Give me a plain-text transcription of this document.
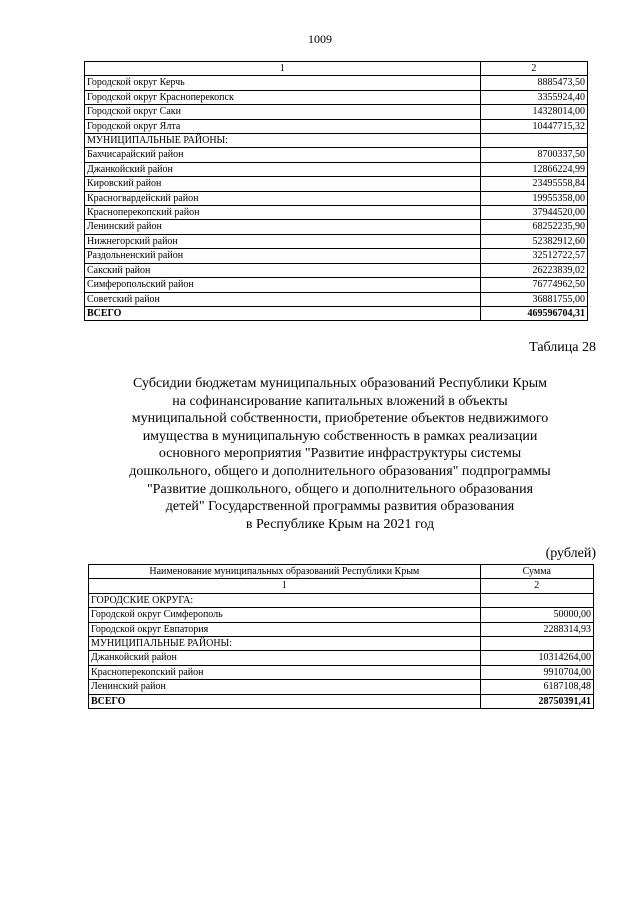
1009
1	2
Городской округ Керчь	8885473,50
Городской округ Красноперекопск	3355924,40
Городской округ Саки	14328014,00
Городской округ Ялта	10447715,32
МУНИЦИПАЛЬНЫЕ РАЙОНЫ:	
Бахчисарайский район	8700337,50
Джанкойский район	12866224,99
Кировский район	23495558,84
Красногвардейский район	19955358,00
Красноперекопский район	37944520,00
Ленинский район	68252235,90
Нижнегорский район	52382912,60
Раздольненский район	32512722,57
Сакский район	26223839,02
Симферопольский район	76774962,50
Советский район	36881755,00
ВСЕГО	469596704,31
Таблица 28
Субсидии бюджетам муниципальных образований Республики Крым
на софинансирование капитальных вложений в объекты
муниципальной собственности, приобретение объектов недвижимого
имущества в муниципальную собственность в рамках реализации
основного мероприятия "Развитие инфраструктуры системы
дошкольного, общего и дополнительного образования" подпрограммы
"Развитие дошкольного, общего и дополнительного образования
детей" Государственной программы развития образования
в Республике Крым на 2021 год
(рублей)
Наименование муниципальных образований Республики Крым	Сумма
1	2
ГОРОДСКИЕ ОКРУГА:	
Городской округ Симферополь	50000,00
Городской округ Евпатория	2288314,93
МУНИЦИПАЛЬНЫЕ РАЙОНЫ:	
Джанкойский район	10314264,00
Красноперекопский район	9910704,00
Ленинский район	6187108,48
ВСЕГО	28750391,41
